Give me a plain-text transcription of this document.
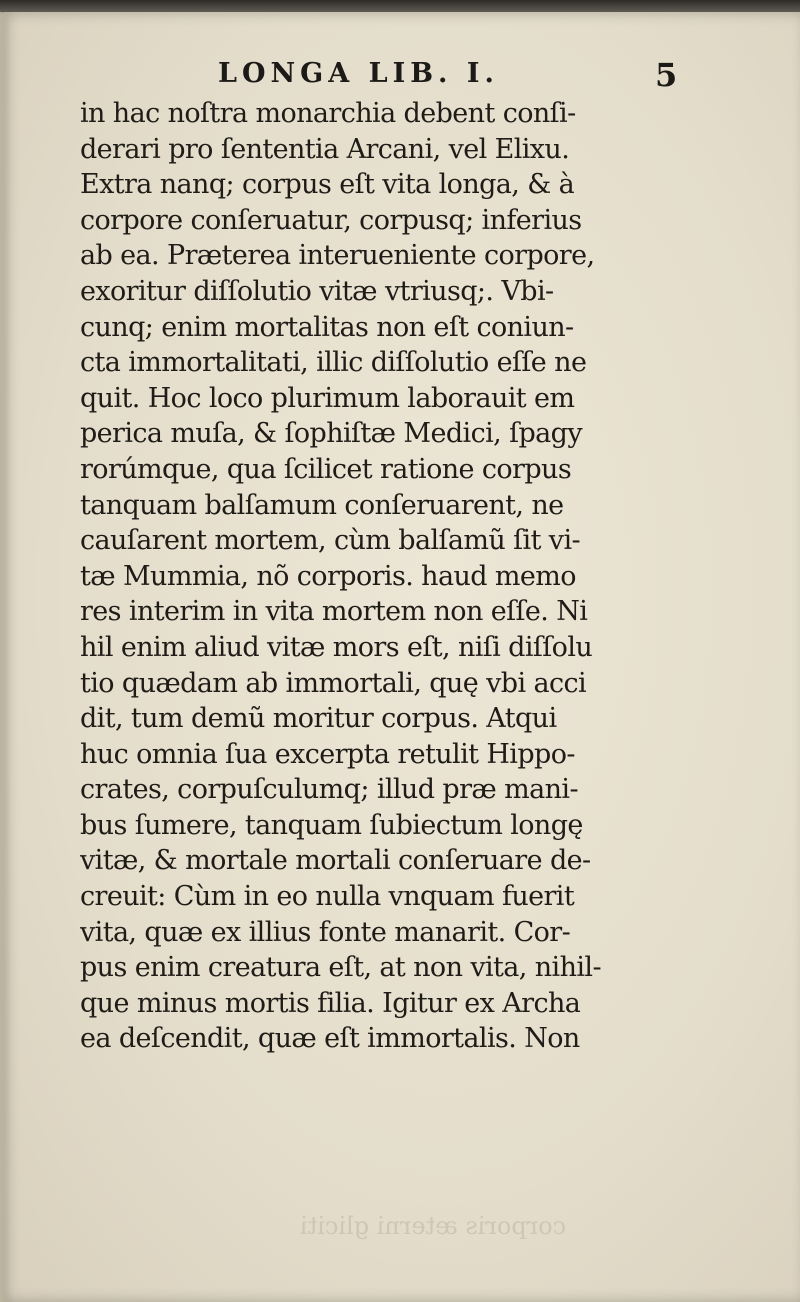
LONGA LIB. I.	5
in hac noſtra monarchia debent conſi-
derari pro ſententia Arcani, vel Elixu.
Extra nanq; corpus eſt vita longa, & à
corpore conſeruatur, corpusq; inferius
ab ea. Præterea interueniente corpore,
exoritur diſſolutio vitæ vtriusq;. Vbi-
cunq; enim mortalitas non eſt coniun-
cta immortalitati, illic diſſolutio eſſe ne
quit. Hoc loco plurimum laborauit em
perica muſa, & ſophiſtæ Medici, ſpagy
rorúmque, qua ſcilicet ratione corpus
tanquam balſamum conſeruarent, ne
cauſarent mortem, cùm balſamũ ſit vi-
tæ Mummia, nõ corporis. haud memo
res interim in vita mortem non eſſe. Ni
hil enim aliud vitæ mors eſt, niſi diſſolu
tio quædam ab immortali, quę vbi acci
dit, tum demũ moritur corpus. Atqui
huc omnia ſua excerpta retulit Hippo-
crates, corpuſculumq; illud præ mani-
bus ſumere, tanquam ſubiectum longę
vitæ, & mortale mortali conſeruare de-
creuit: Cùm in eo nulla vnquam fuerit
vita, quæ ex illius fonte manarit. Cor-
pus enim creatura eſt, at non vita, nihil-
que minus mortis filia. Igitur ex Archa
ea deſcendit, quæ eſt immortalis. Non
corporis æterni gliciti
